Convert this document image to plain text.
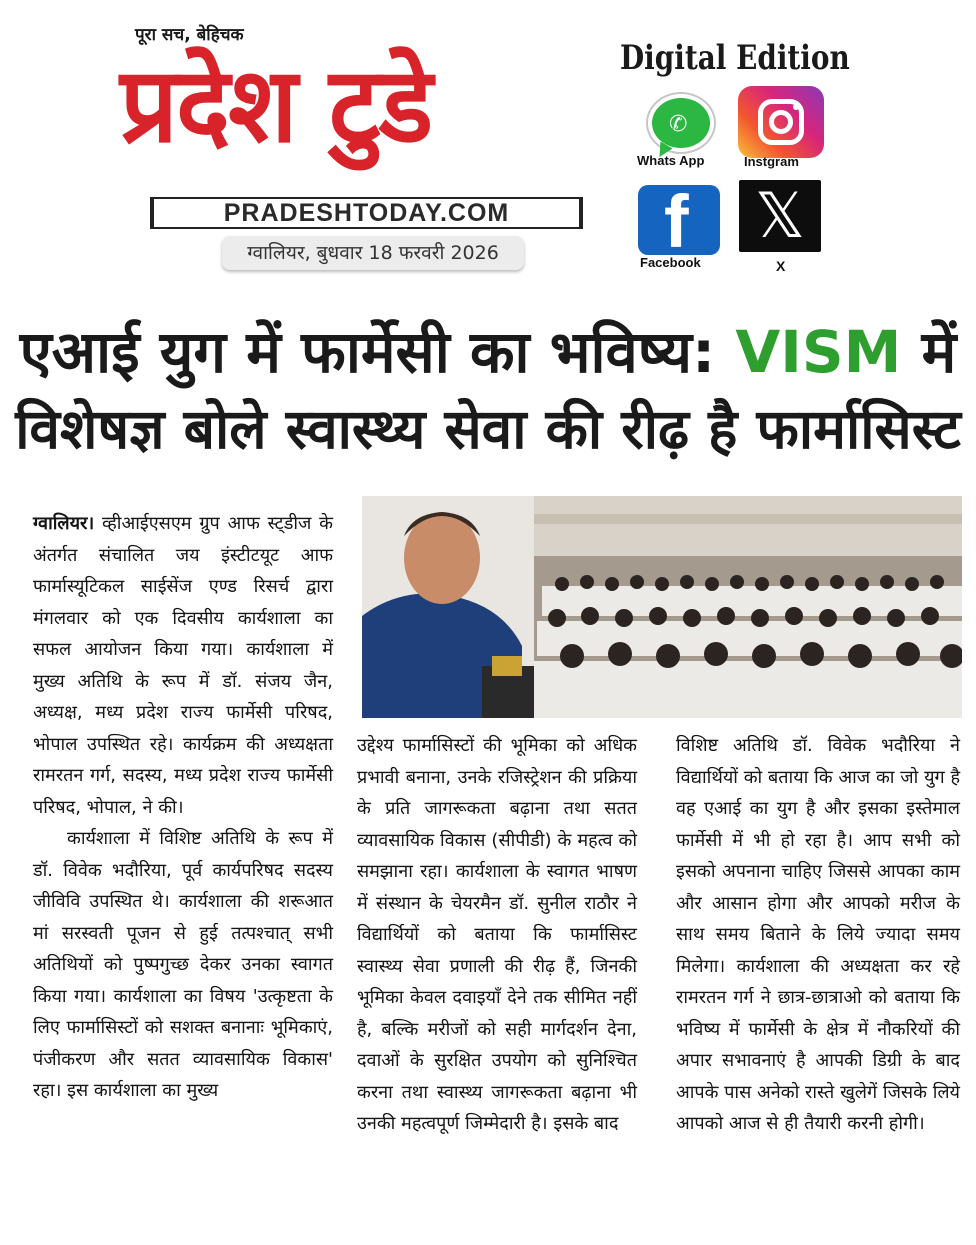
पूरा सच, बेहिचक
प्रदेश टुडे
PRADESHTODAY.COM
ग्वालियर, बुधवार 18 फरवरी 2026
Digital Edition
✆
Whats App	Instgram
f
Facebook
𝕏
X
एआई युग में फार्मेसी का भविष्य: VISM में
विशेषज्ञ बोले स्वास्थ्य सेवा की रीढ़ है फार्मासिस्ट

ग्वालियर। व्हीआईएसएम ग्रुप आफ स्ट्डीज के अंतर्गत संचालित जय इंस्टीटयूट आफ फार्मास्यूटिकल साईसेंज एण्ड रिसर्च द्वारा मंगलवार को एक दिवसीय कार्यशाला का सफल आयोजन किया गया। कार्यशाला में मुख्य अतिथि के रूप में डॉ. संजय जैन, अध्यक्ष, मध्य प्रदेश राज्य फार्मेसी परिषद, भोपाल उपस्थित रहे। कार्यक्रम की अध्यक्षता रामरतन गर्ग, सदस्य, मध्य प्रदेश राज्य फार्मेसी परिषद, भोपाल, ने की।

कार्यशाला में विशिष्ट अतिथि के रूप में डॉ. विवेक भदौरिया, पूर्व कार्यपरिषद सदस्य जीविवि उपस्थित थे। कार्यशाला की शरूआत मां सरस्वती पूजन से हुई तत्पश्चात् सभी अतिथियों को पुष्पगुच्छ देकर उनका स्वागत किया गया। कार्यशाला का विषय 'उत्कृष्टता के लिए फार्मासिस्टों को सशक्त बनानाः भूमिकाएं, पंजीकरण और सतत व्यावसायिक विकास' रहा। इस कार्यशाला का मुख्य

उद्देश्य फार्मासिस्टों की भूमिका को अधिक प्रभावी बनाना, उनके रजिस्ट्रेशन की प्रक्रिया के प्रति जागरूकता बढ़ाना तथा सतत व्यावसायिक विकास (सीपीडी) के महत्व को समझाना रहा। कार्यशाला के स्वागत भाषण में संस्थान के चेयरमैन डॉ. सुनील राठौर ने विद्यार्थियों को बताया कि फार्मासिस्ट स्वास्थ्य सेवा प्रणाली की रीढ़ हैं, जिनकी भूमिका केवल दवाइयाँ देने तक सीमित नहीं है, बल्कि मरीजों को सही मार्गदर्शन देना, दवाओं के सुरक्षित उपयोग को सुनिश्चित करना तथा स्वास्थ्य जागरूकता बढ़ाना भी उनकी महत्वपूर्ण जिम्मेदारी है। इसके बाद

विशिष्ट अतिथि डॉ. विवेक भदौरिया ने विद्यार्थियों को बताया कि आज का जो युग है वह एआई का युग है और इसका इस्तेमाल फार्मेसी में भी हो रहा है। आप सभी को इसको अपनाना चाहिए जिससे आपका काम और आसान होगा और आपको मरीज के साथ समय बिताने के लिये ज्यादा समय मिलेगा। कार्यशाला की अध्यक्षता कर रहे रामरतन गर्ग ने छात्र-छात्राओ को बताया कि भविष्य में फार्मेसी के क्षेत्र में नौकरियों की अपार सभावनाएं है आपकी डिग्री के बाद आपके पास अनेको रास्ते खुलेगें जिसके लिये आपको आज से ही तैयारी करनी होगी।
